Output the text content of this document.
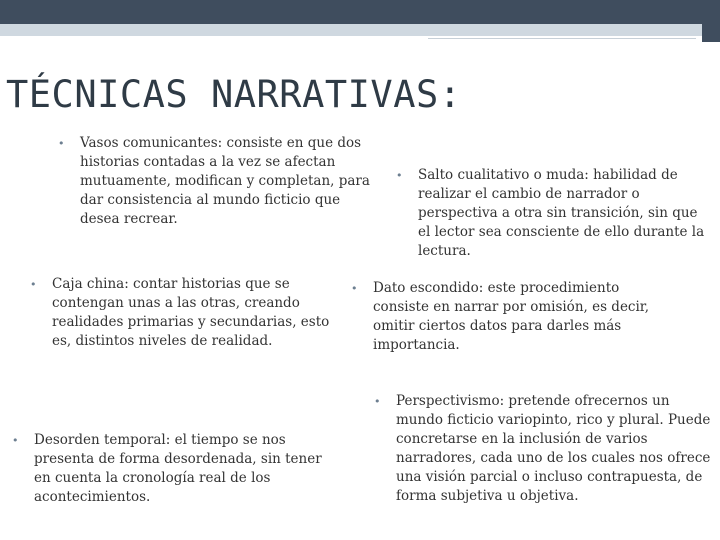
TÉCNICAS NARRATIVAS:
•	Vasos comunicantes: consiste en que dos historias contadas a la vez se afectan mutuamente, modifican y completan, para dar consistencia al mundo ficticio que desea recrear.
•	Salto cualitativo o muda: habilidad de realizar el cambio de narrador o perspectiva a otra sin transición, sin que el lector sea consciente de ello durante la lectura.
•	Caja china: contar historias que se contengan unas a las otras, creando realidades primarias y secundarias, esto es, distintos niveles de realidad.
•	Dato escondido: este procedimiento consiste en narrar por omisión, es decir, omitir ciertos datos para darles más importancia.
•	Perspectivismo: pretende ofrecernos un mundo ficticio variopinto, rico y plural. Puede concretarse en la inclusión de varios narradores, cada uno de los cuales nos ofrece una visión parcial o incluso contrapuesta, de forma subjetiva u objetiva.
•	Desorden temporal: el tiempo se nos presenta de forma desordenada, sin tener en cuenta la cronología real de los acontecimientos.
